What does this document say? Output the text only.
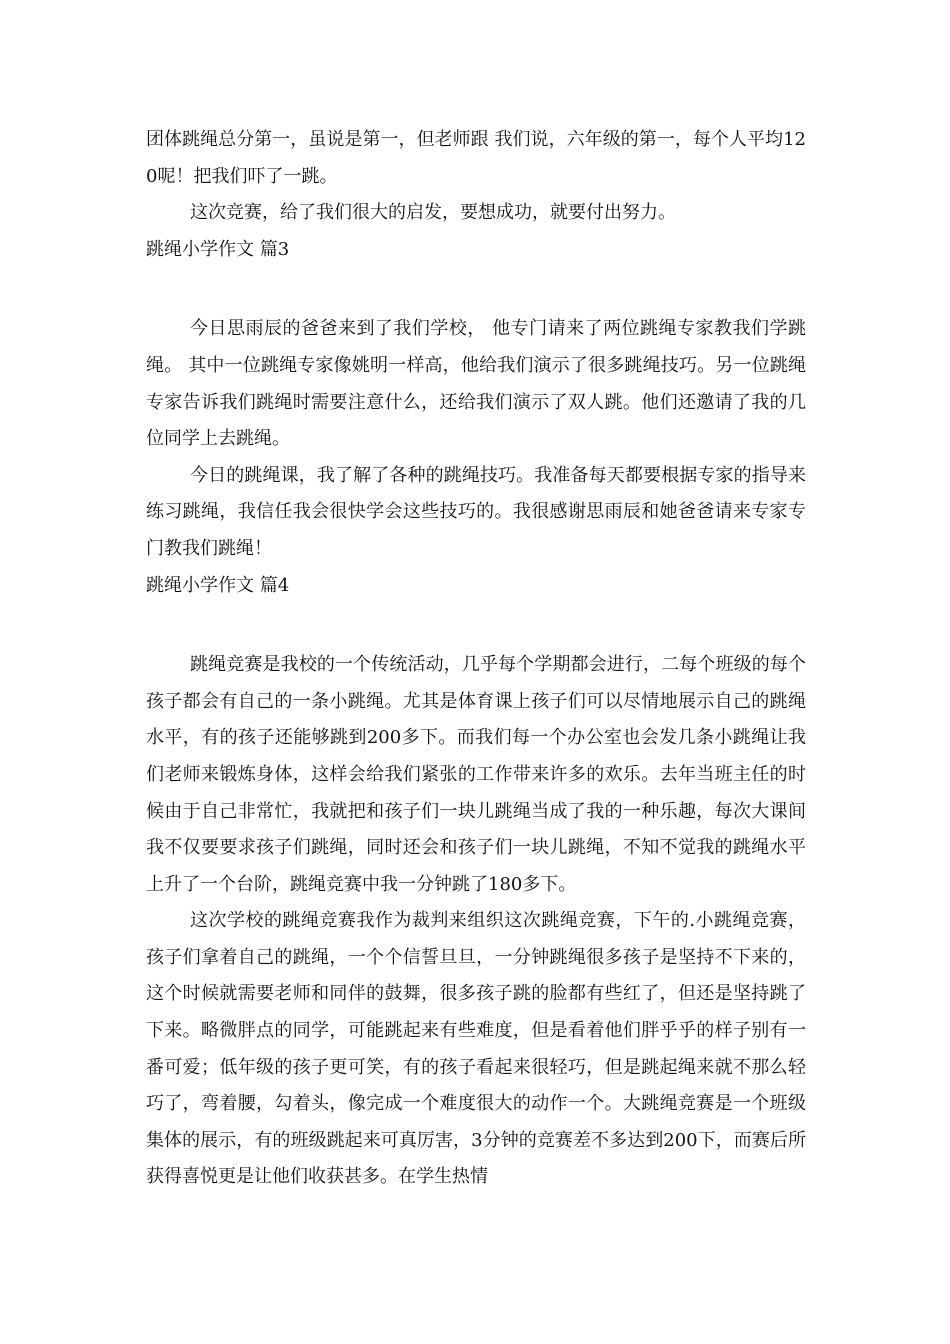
团体跳绳总分第一，虽说是第一，但老师跟 我们说，六年级的第一，每个人平均120呢！把我们吓了一跳。

这次竞赛，给了我们很大的启发，要想成功，就要付出努力。

跳绳小学作文 篇3

今日思雨辰的爸爸来到了我们学校， 他专门请来了两位跳绳专家教我们学跳绳。 其中一位跳绳专家像姚明一样高，他给我们演示了很多跳绳技巧。另一位跳绳专家告诉我们跳绳时需要注意什么，还给我们演示了双人跳。他们还邀请了我的几位同学上去跳绳。

今日的跳绳课，我了解了各种的跳绳技巧。我准备每天都要根据专家的指导来练习跳绳，我信任我会很快学会这些技巧的。我很感谢思雨辰和她爸爸请来专家专门教我们跳绳！

跳绳小学作文 篇4

跳绳竞赛是我校的一个传统活动，几乎每个学期都会进行，二每个班级的每个孩子都会有自己的一条小跳绳。尤其是体育课上孩子们可以尽情地展示自己的跳绳水平，有的孩子还能够跳到200多下。而我们每一个办公室也会发几条小跳绳让我们老师来锻炼身体，这样会给我们紧张的工作带来许多的欢乐。去年当班主任的时候由于自己非常忙，我就把和孩子们一块儿跳绳当成了我的一种乐趣，每次大课间我不仅要要求孩子们跳绳，同时还会和孩子们一块儿跳绳，不知不觉我的跳绳水平上升了一个台阶，跳绳竞赛中我一分钟跳了180多下。

这次学校的跳绳竞赛我作为裁判来组织这次跳绳竞赛，下午的.小跳绳竞赛，孩子们拿着自己的跳绳，一个个信誓旦旦，一分钟跳绳很多孩子是坚持不下来的，这个时候就需要老师和同伴的鼓舞，很多孩子跳的脸都有些红了，但还是坚持跳了下来。略微胖点的同学，可能跳起来有些难度，但是看着他们胖乎乎的样子别有一番可爱；低年级的孩子更可笑，有的孩子看起来很轻巧，但是跳起绳来就不那么轻巧了，弯着腰，勾着头，像完成一个难度很大的动作一个。大跳绳竞赛是一个班级集体的展示，有的班级跳起来可真厉害，3分钟的竞赛差不多达到200下，而赛后所获得喜悦更是让他们收获甚多。在学生热情
